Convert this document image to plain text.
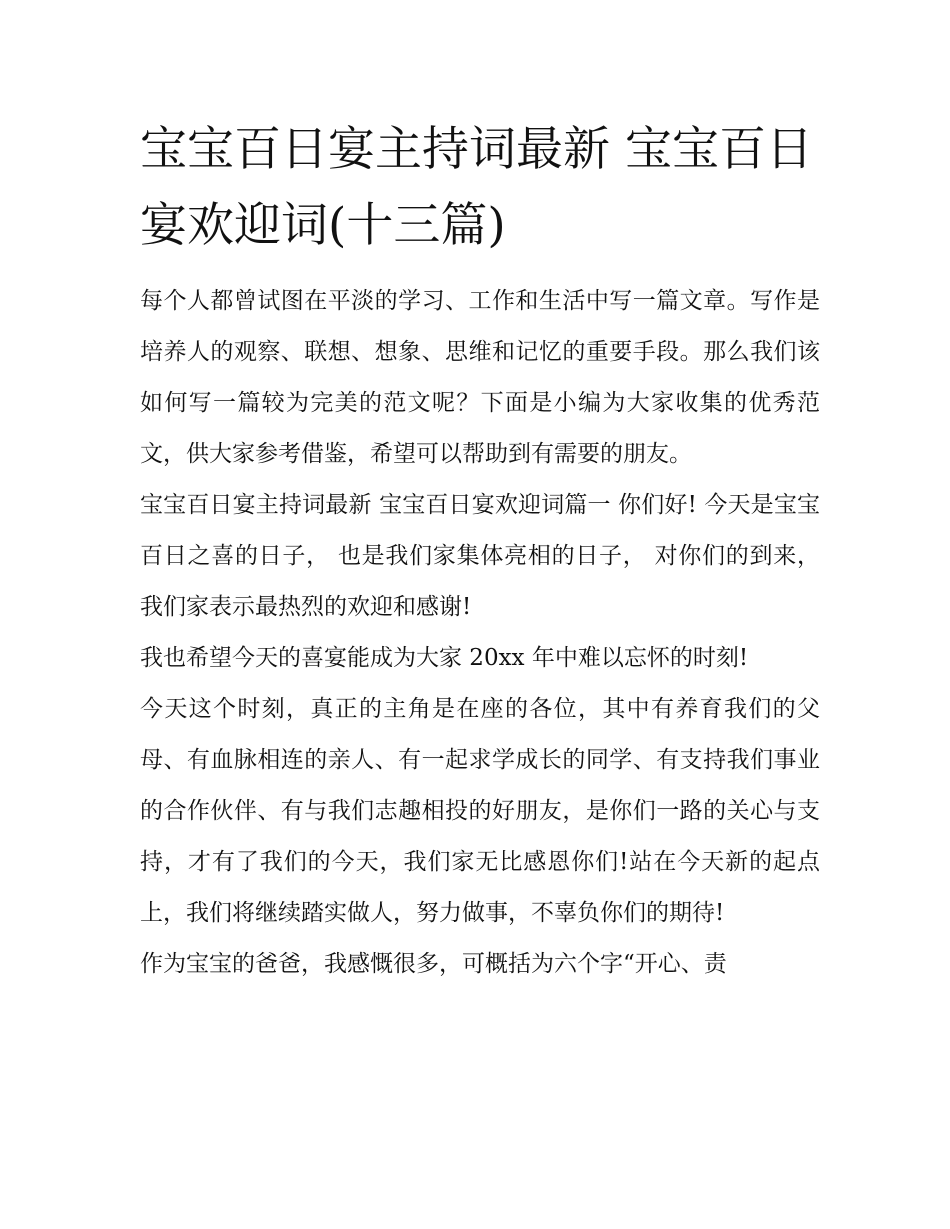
宝宝百日宴主持词最新 宝宝百日宴欢迎词(十三篇)

每个人都曾试图在平淡的学习、工作和生活中写一篇文章。写作是培养人的观察、联想、想象、思维和记忆的重要手段。那么我们该如何写一篇较为完美的范文呢？下面是小编为大家收集的优秀范文，供大家参考借鉴，希望可以帮助到有需要的朋友。

宝宝百日宴主持词最新 宝宝百日宴欢迎词篇一 你们好! 今天是宝宝百日之喜的日子， 也是我们家集体亮相的日子， 对你们的到来，我们家表示最热烈的欢迎和感谢!

我也希望今天的喜宴能成为大家 20xx 年中难以忘怀的时刻!

今天这个时刻，真正的主角是在座的各位，其中有养育我们的父母、有血脉相连的亲人、有一起求学成长的同学、有支持我们事业的合作伙伴、有与我们志趣相投的好朋友，是你们一路的关心与支持，才有了我们的今天，我们家无比感恩你们!站在今天新的起点上，我们将继续踏实做人，努力做事，不辜负你们的期待!

作为宝宝的爸爸，我感慨很多，可概括为六个字“开心、责
